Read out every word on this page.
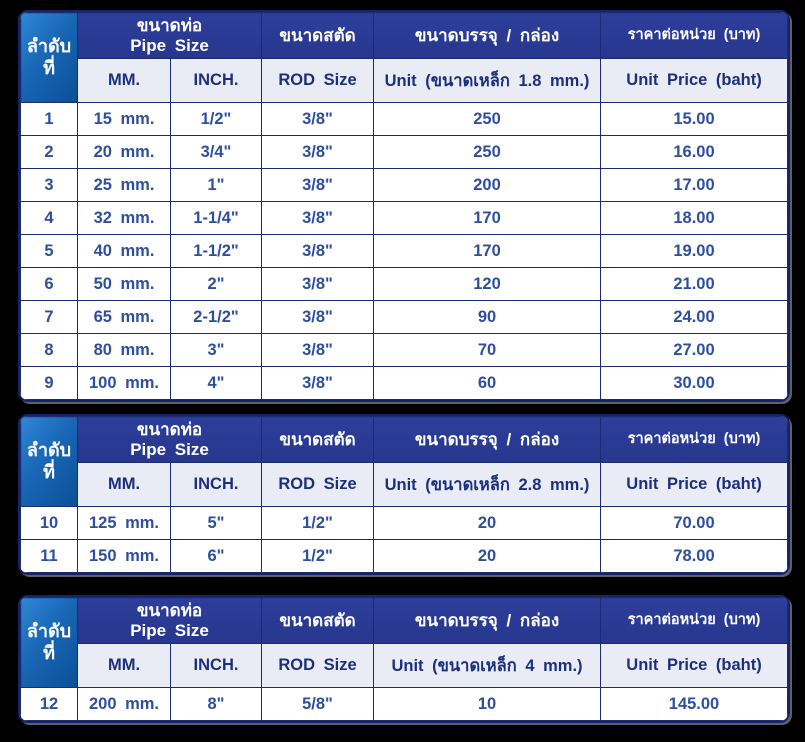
ลำดับ
ที่	
ขนาดท่อ
Pipe Size
	ขนาดสตัด	ขนาดบรรจุ / กล่อง	ราคาต่อหน่วย (บาท)
	MM.	INCH.	ROD Size	Unit (ขนาดเหล็ก 1.8 mm.)	Unit Price (baht)
1	15 mm.	1/2"	3/8"	250	15.00
2	20 mm.	3/4"	3/8"	250	16.00
3	25 mm.	1"	3/8"	200	17.00
4	32 mm.	1-1/4"	3/8"	170	18.00
5	40 mm.	1-1/2"	3/8"	170	19.00
6	50 mm.	2"	3/8"	120	21.00
7	65 mm.	2-1/2"	3/8"	90	24.00
8	80 mm.	3"	3/8"	70	27.00
9	100 mm.	4"	3/8"	60	30.00
ลำดับ
ที่	
ขนาดท่อ
Pipe Size
	ขนาดสตัด	ขนาดบรรจุ / กล่อง	ราคาต่อหน่วย (บาท)
	MM.	INCH.	ROD Size	Unit (ขนาดเหล็ก 2.8 mm.)	Unit Price (baht)
10	125 mm.	5"	1/2"	20	70.00
11	150 mm.	6"	1/2"	20	78.00
ลำดับ
ที่	
ขนาดท่อ
Pipe Size
	ขนาดสตัด	ขนาดบรรจุ / กล่อง	ราคาต่อหน่วย (บาท)
	MM.	INCH.	ROD Size	Unit (ขนาดเหล็ก 4 mm.)	Unit Price (baht)
12	200 mm.	8"	5/8"	10	145.00
